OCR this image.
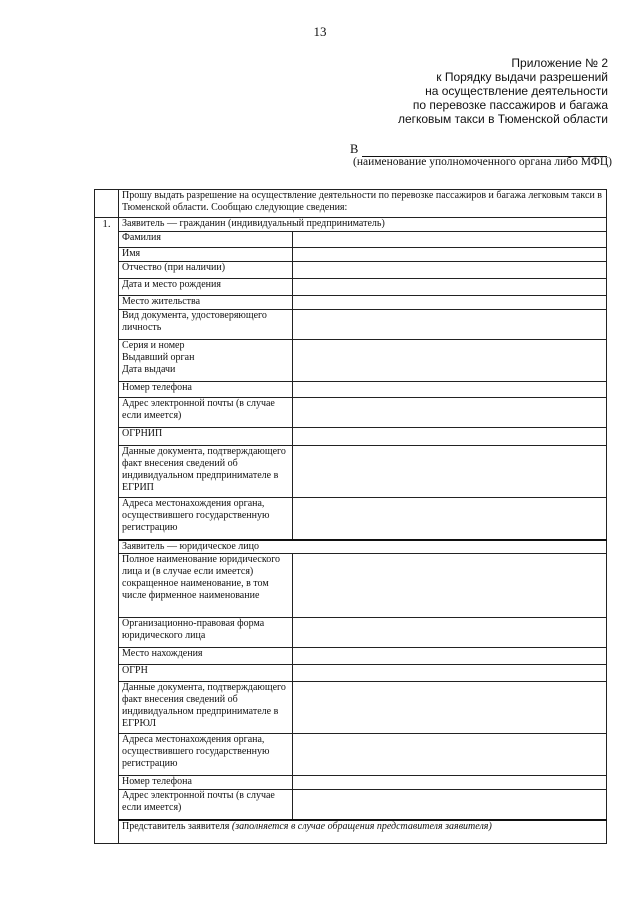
13
Приложение № 2
к Порядку выдачи разрешений
на осуществление деятельности
по перевозке пассажиров и багажа
легковым такси в Тюменской области
В
(наименование уполномоченного органа либо МФЦ)
	Прошу выдать разрешение на осуществление деятельности по перевозке пассажиров и багажа легковым такси в Тюменской области. Сообщаю следующие сведения:	
1.	Заявитель — гражданин (индивидуальный предприниматель)	
	Фамилия	
	Имя	
	Отчество (при наличии)	
	Дата и место рождения	
	Место жительства	
	Вид документа, удостоверяющего личность	
	Серия и номер
Выдавший орган
Дата выдачи	
	Номер телефона	
	Адрес электронной почты (в случае если имеется)	
	ОГРНИП	
	Данные документа, подтверждающего факт внесения сведений об индивидуальном предпринимателе в ЕГРИП	
	Адреса местонахождения органа, осуществившего государственную регистрацию	
	Заявитель — юридическое лицо	
	Полное наименование юридического лица и (в случае если имеется) сокращенное наименование, в том числе фирменное наименование	
	Организационно-правовая форма юридического лица	
	Место нахождения	
	ОГРН	
	Данные документа, подтверждающего факт внесения сведений об индивидуальном предпринимателе в ЕГРЮЛ	
	Адреса местонахождения органа, осуществившего государственную регистрацию	
	Номер телефона	
	Адрес электронной почты (в случае если имеется)	
	Представитель заявителя (заполняется в случае обращения представителя заявителя)	
